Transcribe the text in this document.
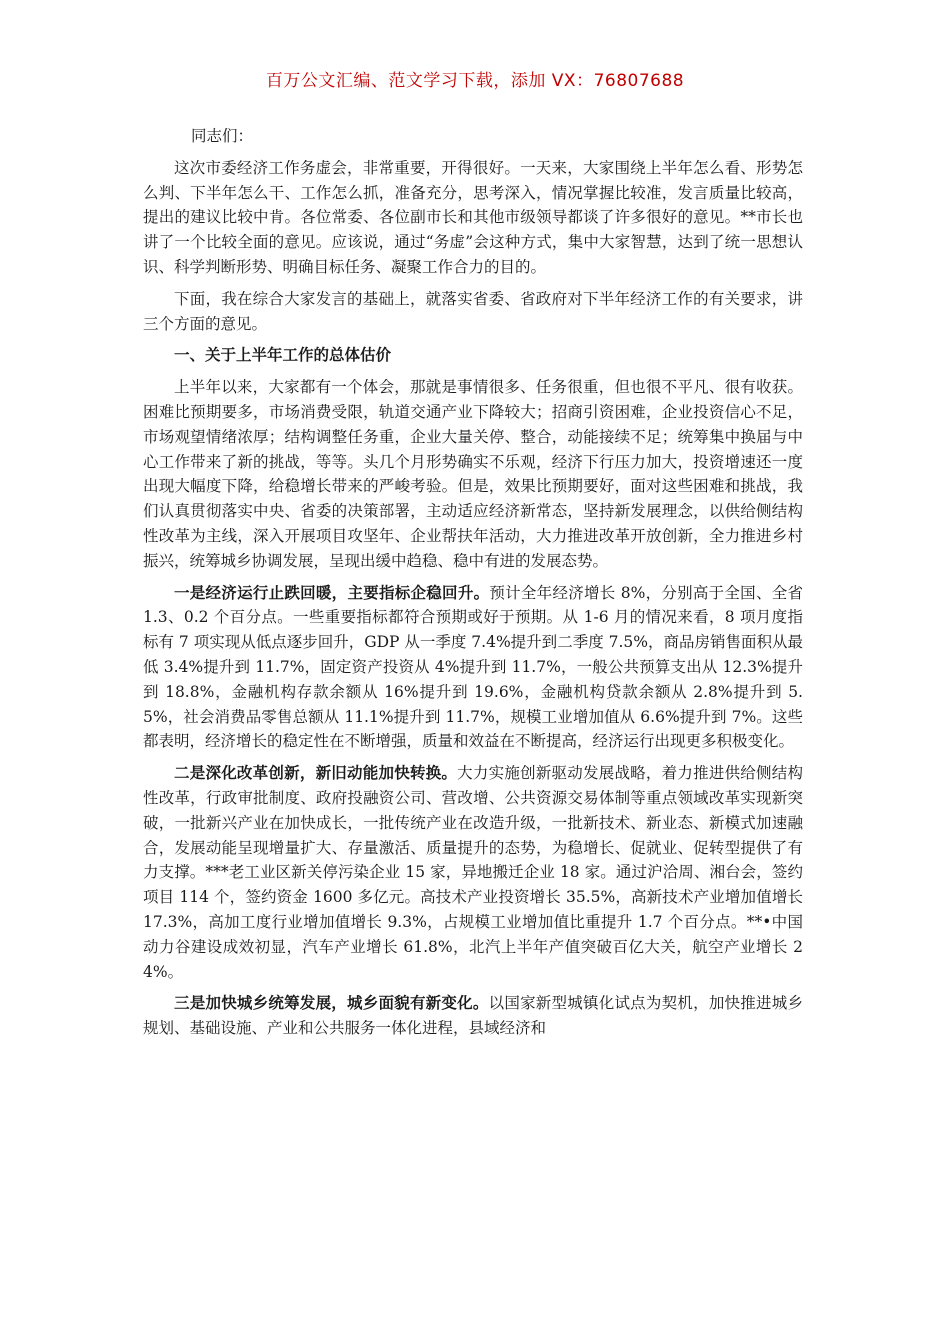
百万公文汇编、范文学习下载，添加 VX：76807688

同志们：

这次市委经济工作务虚会，非常重要，开得很好。一天来，大家围绕上半年怎么看、形势怎么判、下半年怎么干、工作怎么抓，准备充分，思考深入，情况掌握比较准，发言质量比较高，提出的建议比较中肯。各位常委、各位副市长和其他市级领导都谈了许多很好的意见。**市长也讲了一个比较全面的意见。应该说，通过“务虚”会这种方式，集中大家智慧，达到了统一思想认识、科学判断形势、明确目标任务、凝聚工作合力的目的。

下面，我在综合大家发言的基础上，就落实省委、省政府对下半年经济工作的有关要求，讲三个方面的意见。

一、关于上半年工作的总体估价

上半年以来，大家都有一个体会，那就是事情很多、任务很重，但也很不平凡、很有收获。困难比预期要多，市场消费受限，轨道交通产业下降较大；招商引资困难，企业投资信心不足，市场观望情绪浓厚；结构调整任务重，企业大量关停、整合，动能接续不足；统筹集中换届与中心工作带来了新的挑战，等等。头几个月形势确实不乐观，经济下行压力加大，投资增速还一度出现大幅度下降，给稳增长带来的严峻考验。但是，效果比预期要好，面对这些困难和挑战，我们认真贯彻落实中央、省委的决策部署，主动适应经济新常态，坚持新发展理念，以供给侧结构性改革为主线，深入开展项目攻坚年、企业帮扶年活动，大力推进改革开放创新，全力推进乡村振兴，统筹城乡协调发展，呈现出缓中趋稳、稳中有进的发展态势。

一是经济运行止跌回暖，主要指标企稳回升。预计全年经济增长 8%，分别高于全国、全省 1.3、0.2 个百分点。一些重要指标都符合预期或好于预期。从 1-6 月的情况来看，8 项月度指标有 7 项实现从低点逐步回升，GDP 从一季度 7.4%提升到二季度 7.5%，商品房销售面积从最低 3.4%提升到 11.7%，固定资产投资从 4%提升到 11.7%，一般公共预算支出从 12.3%提升到 18.8%，金融机构存款余额从 16%提升到 19.6%，金融机构贷款余额从 2.8%提升到 5.5%，社会消费品零售总额从 11.1%提升到 11.7%，规模工业增加值从 6.6%提升到 7%。这些都表明，经济增长的稳定性在不断增强，质量和效益在不断提高，经济运行出现更多积极变化。

二是深化改革创新，新旧动能加快转换。大力实施创新驱动发展战略，着力推进供给侧结构性改革，行政审批制度、政府投融资公司、营改增、公共资源交易体制等重点领域改革实现新突破，一批新兴产业在加快成长，一批传统产业在改造升级，一批新技术、新业态、新模式加速融合，发展动能呈现增量扩大、存量激活、质量提升的态势，为稳增长、促就业、促转型提供了有力支撑。***老工业区新关停污染企业 15 家，异地搬迁企业 18 家。通过沪洽周、湘台会，签约项目 114 个，签约资金 1600 多亿元。高技术产业投资增长 35.5%，高新技术产业增加值增长 17.3%，高加工度行业增加值增长 9.3%，占规模工业增加值比重提升 1.7 个百分点。**•中国动力谷建设成效初显，汽车产业增长 61.8%，北汽上半年产值突破百亿大关，航空产业增长 24%。

三是加快城乡统筹发展，城乡面貌有新变化。以国家新型城镇化试点为契机，加快推进城乡规划、基础设施、产业和公共服务一体化进程，县域经济和
